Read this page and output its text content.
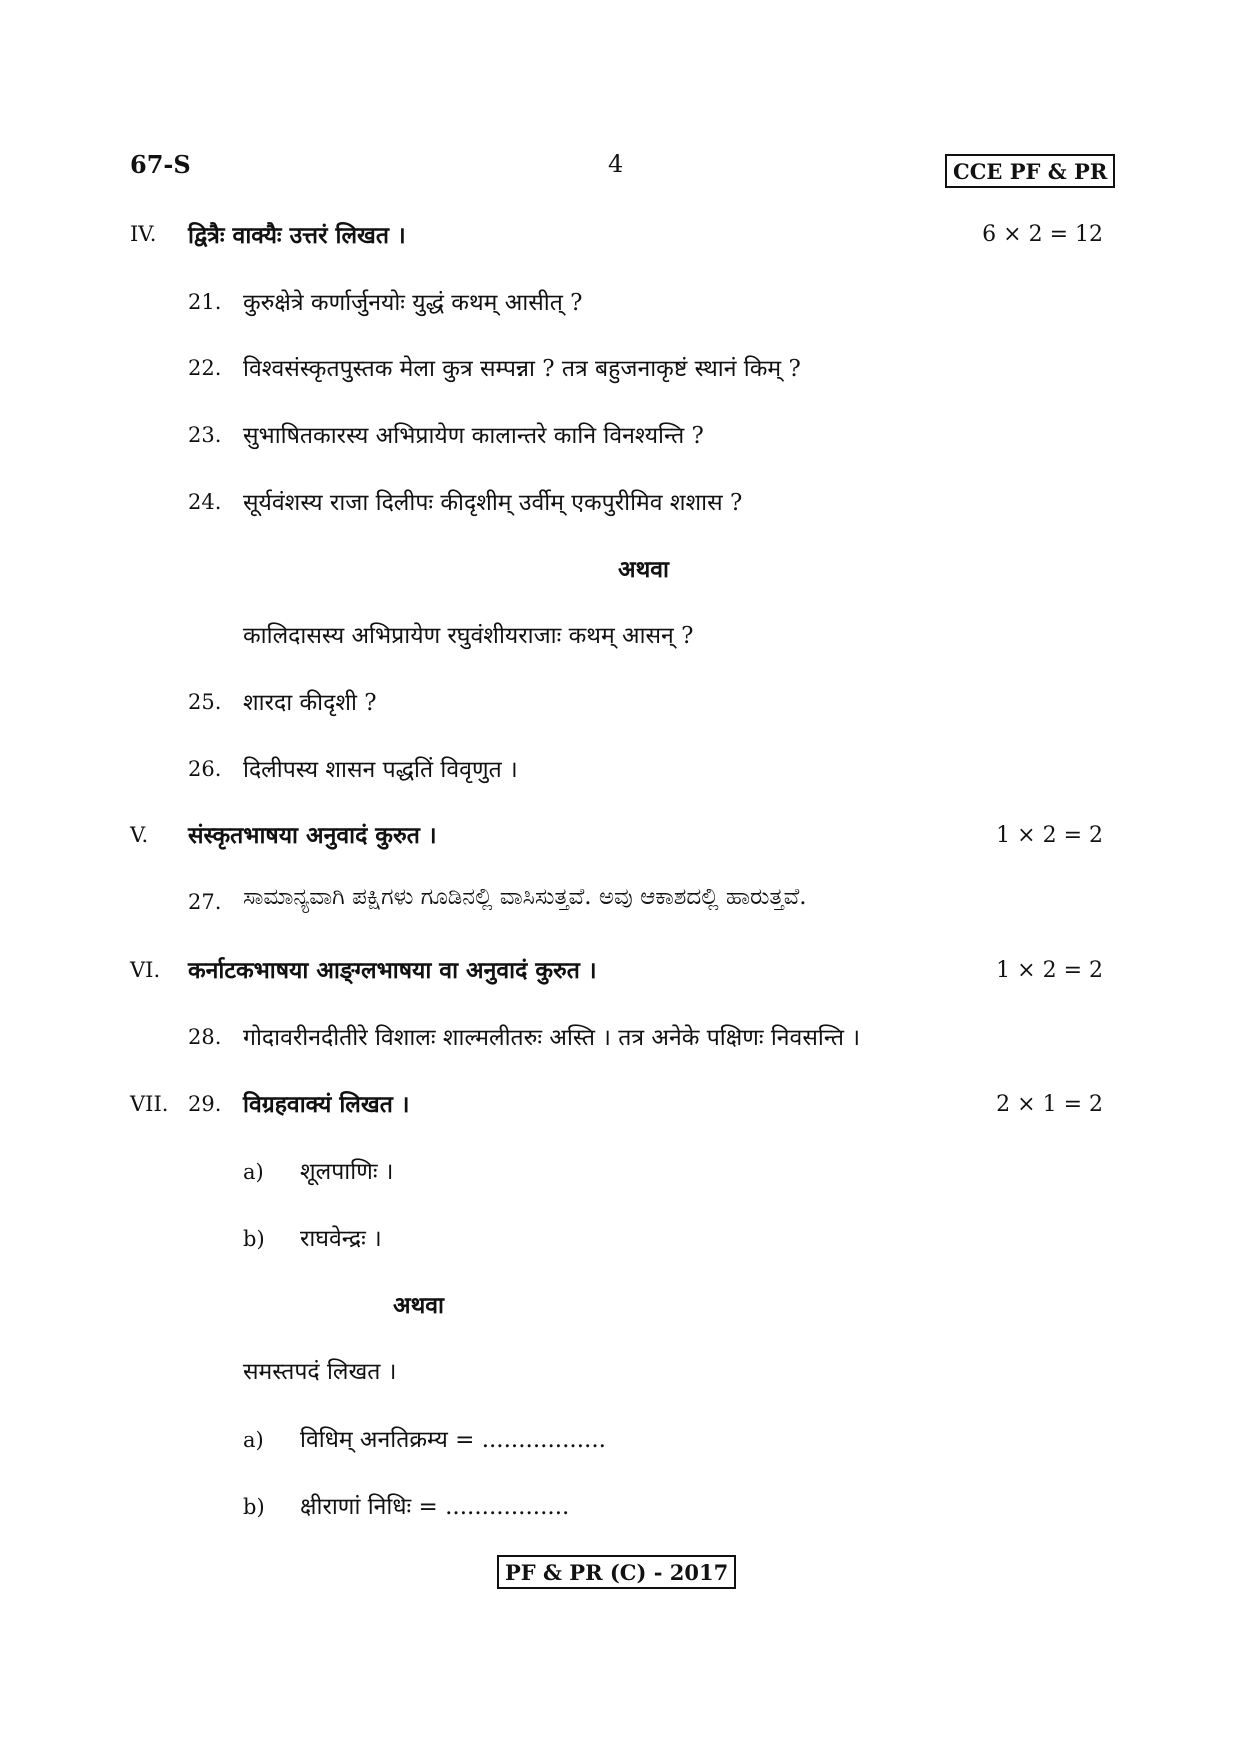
67-S	4	CCE PF & PR
IV. द्वित्रैः वाक्यैः उत्तरं लिखत ।	6 × 2 = 12
21. कुरुक्षेत्रे कर्णार्जुनयोः युद्धं कथम् आसीत् ?
22. विश्वसंस्कृतपुस्तक मेला कुत्र सम्पन्ना ? तत्र बहुजनाकृष्टं स्थानं किम् ?
23. सुभाषितकारस्य अभिप्रायेण कालान्तरे कानि विनश्यन्ति ?
24. सूर्यवंशस्य राजा दिलीपः कीदृशीम् उर्वीम् एकपुरीमिव शशास ?
अथवा
कालिदासस्य अभिप्रायेण रघुवंशीयराजाः कथम् आसन् ?
25. शारदा कीदृशी ?
26. दिलीपस्य शासन पद्धतिं विवृणुत ।
V. संस्कृतभाषया अनुवादं कुरुत ।	1 × 2 = 2
27. ಸಾಮಾನ್ಯವಾಗಿ ಪಕ್ಷಿಗಳು ಗೂಡಿನಲ್ಲಿ ವಾಸಿಸುತ್ತವೆ. ಅವು ಆಕಾಶದಲ್ಲಿ ಹಾರುತ್ತವೆ.
VI. कर्नाटकभाषया आङ्ग्लभाषया वा अनुवादं कुरुत ।	1 × 2 = 2
28. गोदावरीनदीतीरे विशालः शाल्मलीतरुः अस्ति । तत्र अनेके पक्षिणः निवसन्ति ।
VII. 29. विग्रहवाक्यं लिखत ।	2 × 1 = 2
a) शूलपाणिः ।
b) राघवेन्द्रः ।
अथवा
समस्तपदं लिखत ।
a) विधिम् अनतिक्रम्य = .................
b) क्षीराणां निधिः = .................
PF & PR (C) - 2017
